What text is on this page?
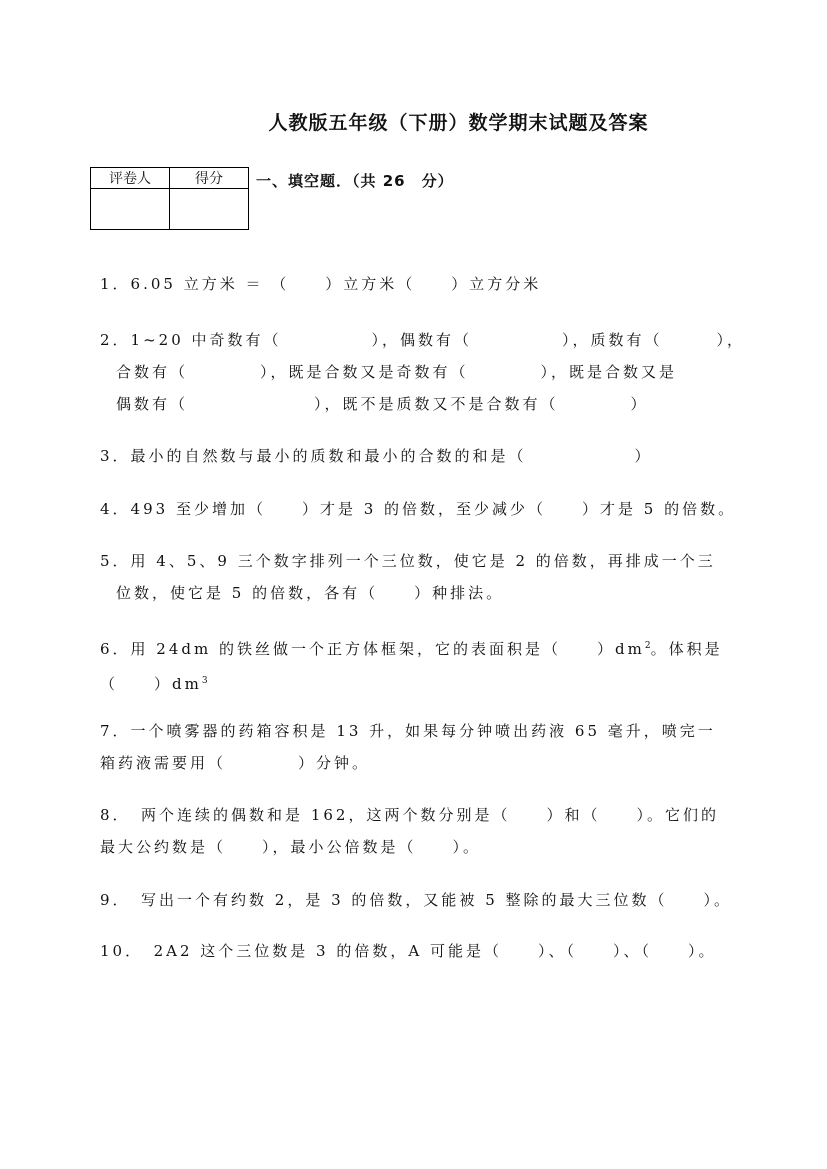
人教版五年级（下册）数学期末试题及答案
评卷人	得分
	一、填空题．（共 26　分）
1．6.05 立方米 ＝ （　　）立方米（　　）立方分米
2．1~20 中奇数有（　　　　　），偶数有（　　　　　），质数有（　　　），
合数有（　　　　），既是合数又是奇数有（　　　　），既是合数又是
偶数有（　　　　　　　），既不是质数又不是合数有（　　　　）
3．最小的自然数与最小的质数和最小的合数的和是（　　　　　　）
4．493 至少增加（　　）才是 3 的倍数，至少减少（　　）才是 5 的倍数。
5．用 4、5、9 三个数字排列一个三位数，使它是 2 的倍数，再排成一个三
位数，使它是 5 的倍数，各有（　　）种排法。
6．用 24dm 的铁丝做一个正方体框架，它的表面积是（　　）$dm^2$。体积是
（　　）$dm^3$
7．一个喷雾器的药箱容积是 13 升，如果每分钟喷出药液 65 毫升，喷完一
箱药液需要用（　　　　）分钟。
8．　两个连续的偶数和是 162，这两个数分别是（　　）和（　　）。它们的
最大公约数是（　　），最小公倍数是（　　）。
9．　写出一个有约数 2，是 3 的倍数，又能被 5 整除的最大三位数（　　）。
10．　2A2 这个三位数是 3 的倍数，A 可能是（　　）、（　　）、（　　）。
